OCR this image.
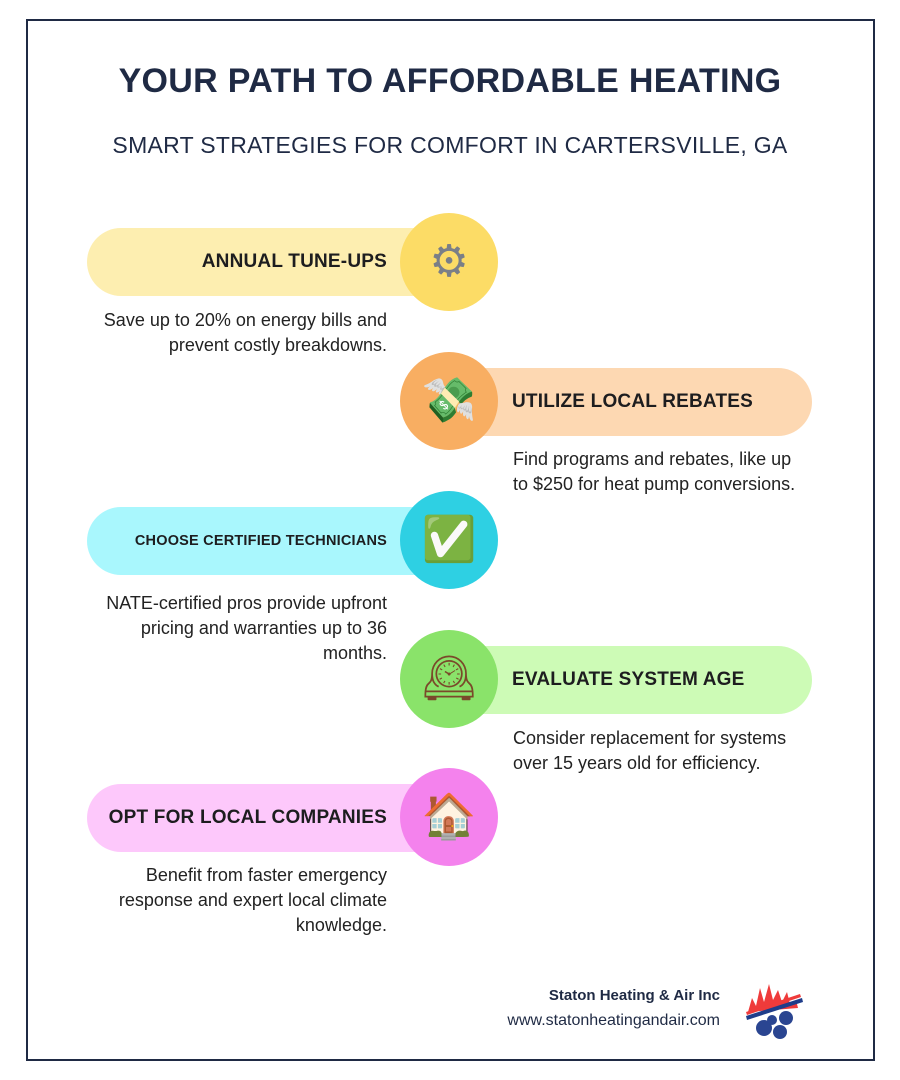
YOUR PATH TO AFFORDABLE HEATING
SMART STRATEGIES FOR COMFORT IN CARTERSVILLE, GA
ANNUAL TUNE-UPS ⚙
Save up to 20% on energy bills and prevent costly breakdowns.
UTILIZE LOCAL REBATES
💸
Find programs and rebates, like up to $250 for heat pump conversions.
CHOOSE CERTIFIED TECHNICIANS ✅
NATE-certified pros provide upfront pricing and warranties up to 36 months.
EVALUATE SYSTEM AGE
🕰
Consider replacement for systems over 15 years old for efficiency.
OPT FOR LOCAL COMPANIES 🏠
Benefit from faster emergency response and expert local climate knowledge.
Staton Heating & Air Inc
www.statonheatingandair.com
